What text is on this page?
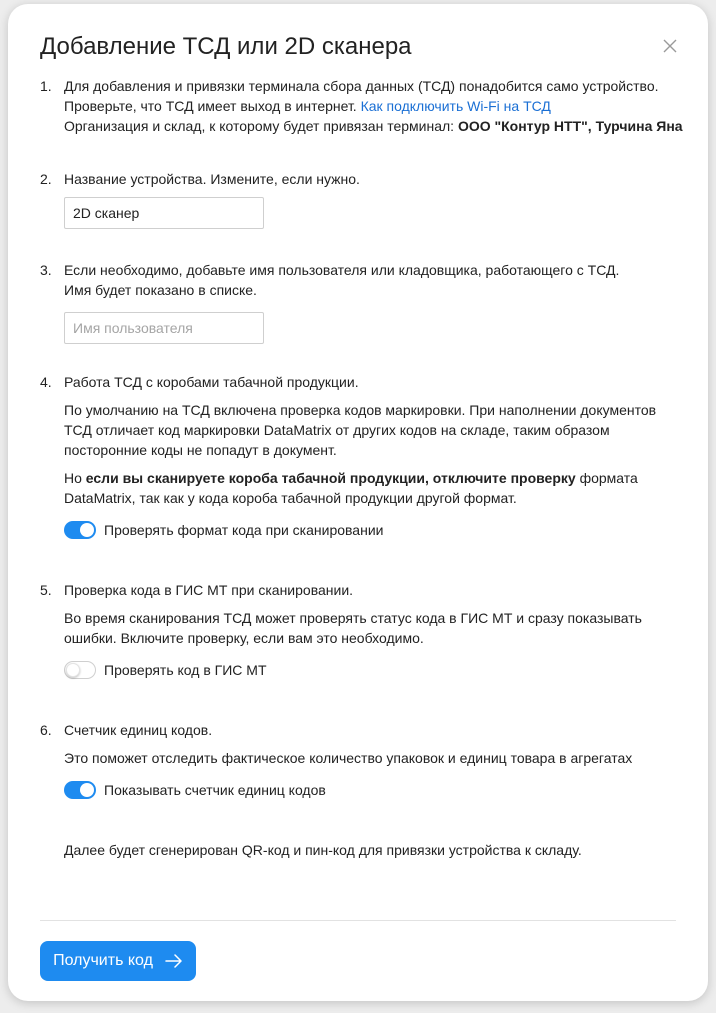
Добавление ТСД или 2D сканера
1. Для добавления и привязки терминала сбора данных (ТСД) понадобится само устройство.
Проверьте, что ТСД имеет выход в интернет. Как подключить Wi-Fi на ТСД
Организация и склад, к которому будет привязан терминал: ООО "Контур НТТ", Турчина Яна
2. Название устройства. Измените, если нужно.
2D сканер
3. Если необходимо, добавьте имя пользователя или кладовщика, работающего с ТСД.
Имя будет показано в списке.
Имя пользователя
4. Работа ТСД с коробами табачной продукции.
По умолчанию на ТСД включена проверка кодов маркировки. При наполнении документов
ТСД отличает код маркировки DataMatrix от других кодов на складе, таким образом
посторонние коды не попадут в документ.
Но если вы сканируете короба табачной продукции, отключите проверку формата
DataMatrix, так как у кода короба табачной продукции другой формат.
Проверять формат кода при сканировании
5. Проверка кода в ГИС МТ при сканировании.
Во время сканирования ТСД может проверять статус кода в ГИС МТ и сразу показывать
ошибки. Включите проверку, если вам это необходимо.
Проверять код в ГИС МТ
6. Счетчик единиц кодов.
Это поможет отследить фактическое количество упаковок и единиц товара в агрегатах
Показывать счетчик единиц кодов
Далее будет сгенерирован QR-код и пин-код для привязки устройства к складу.
Получить код
